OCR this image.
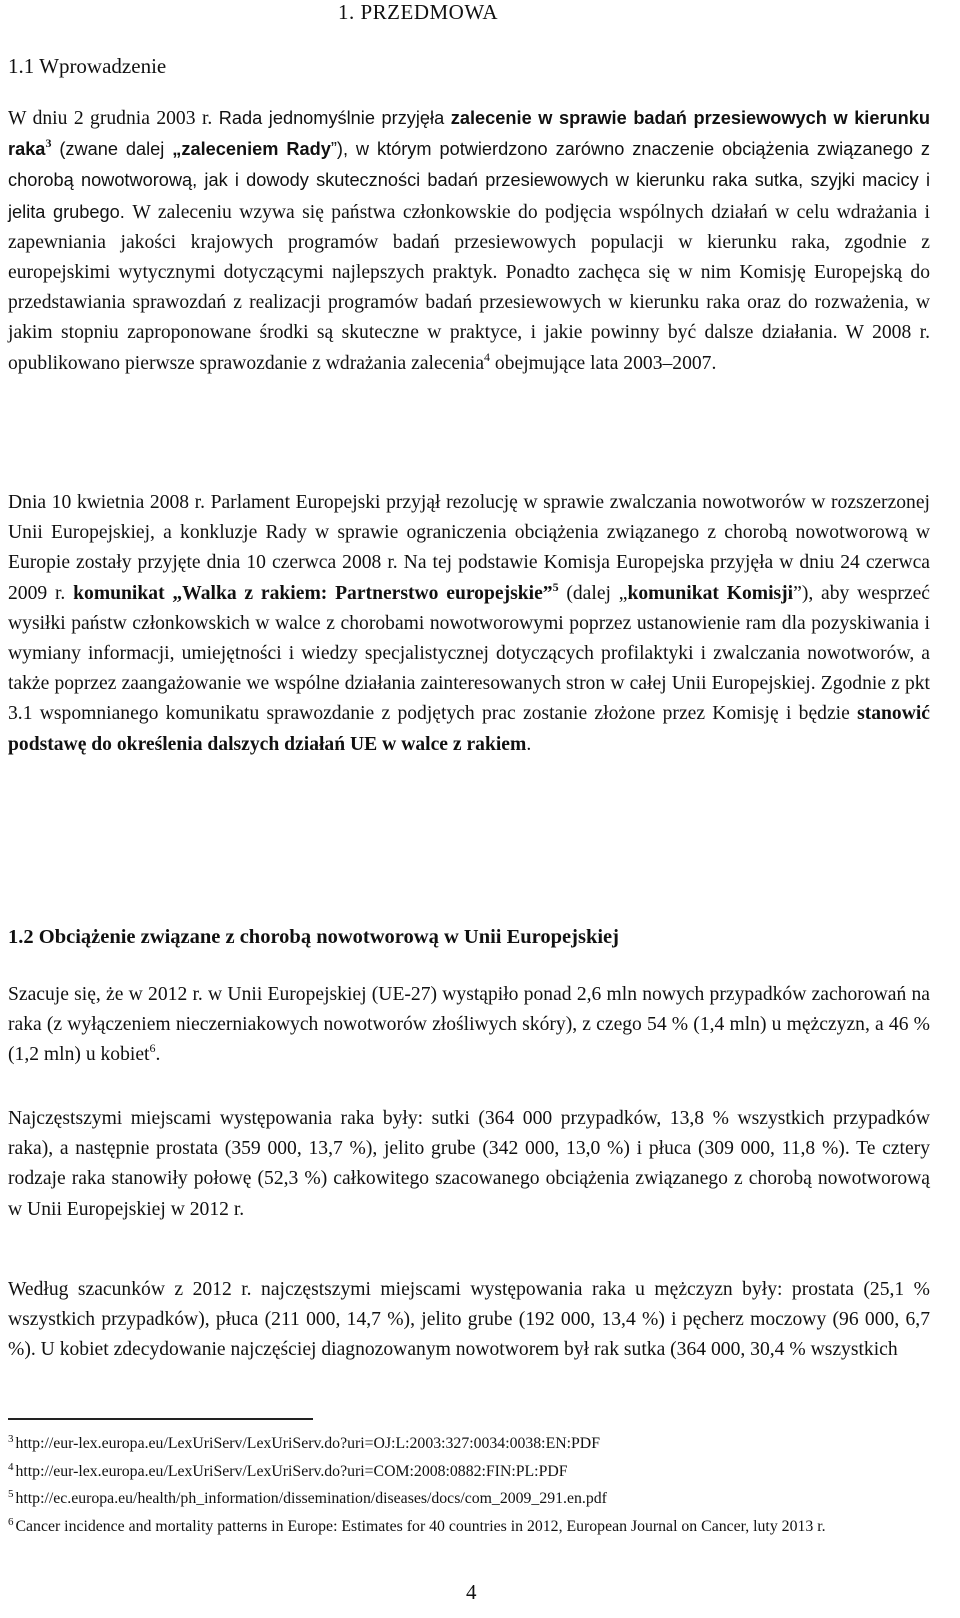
1. PRZEDMOWA
1.1 Wprowadzenie

W dniu 2 grudnia 2003 r. Rada jednomyślnie przyjęła zalecenie w sprawie badań przesiewowych w kierunku raka$^3$ (zwane dalej „zaleceniem Rady”), w którym potwierdzono zarówno znaczenie obciążenia związanego z chorobą nowotworową, jak i dowody skuteczności badań przesiewowych w kierunku raka sutka, szyjki macicy i jelita grubego. W zaleceniu wzywa się państwa członkowskie do podjęcia wspólnych działań w celu wdrażania i zapewniania jakości krajowych programów badań przesiewowych populacji w kierunku raka, zgodnie z europejskimi wytycznymi dotyczącymi najlepszych praktyk. Ponadto zachęca się w nim Komisję Europejską do przedstawiania sprawozdań z realizacji programów badań przesiewowych w kierunku raka oraz do rozważenia, w jakim stopniu zaproponowane środki są skuteczne w praktyce, i jakie powinny być dalsze działania. W 2008 r. opublikowano pierwsze sprawozdanie z wdrażania zalecenia$^4$ obejmujące lata 2003–2007.

Dnia 10 kwietnia 2008 r. Parlament Europejski przyjął rezolucję w sprawie zwalczania nowotworów w rozszerzonej Unii Europejskiej, a konkluzje Rady w sprawie ograniczenia obciążenia związanego z chorobą nowotworową w Europie zostały przyjęte dnia 10 czerwca 2008 r. Na tej podstawie Komisja Europejska przyjęła w dniu 24 czerwca 2009 r. komunikat „Walka z rakiem: Partnerstwo europejskie”$^5$ (dalej „komunikat Komisji”), aby wesprzeć wysiłki państw członkowskich w walce z chorobami nowotworowymi poprzez ustanowienie ram dla pozyskiwania i wymiany informacji, umiejętności i wiedzy specjalistycznej dotyczących profilaktyki i zwalczania nowotworów, a także poprzez zaangażowanie we wspólne działania zainteresowanych stron w całej Unii Europejskiej. Zgodnie z pkt 3.1 wspomnianego komunikatu sprawozdanie z podjętych prac zostanie złożone przez Komisję i będzie stanowić podstawę do określenia dalszych działań UE w walce z rakiem.

1.2 Obciążenie związane z chorobą nowotworową w Unii Europejskiej

Szacuje się, że w 2012 r. w Unii Europejskiej (UE-27) wystąpiło ponad 2,6 mln nowych przypadków zachorowań na raka (z wyłączeniem nieczerniakowych nowotworów złośliwych skóry), z czego 54 % (1,4 mln) u mężczyzn, a 46 % (1,2 mln) u kobiet$^6$.

Najczęstszymi miejscami występowania raka były: sutki (364 000 przypadków, 13,8 % wszystkich przypadków raka), a następnie prostata (359 000, 13,7 %), jelito grube (342 000, 13,0 %) i płuca (309 000, 11,8 %). Te cztery rodzaje raka stanowiły połowę (52,3 %) całkowitego szacowanego obciążenia związanego z chorobą nowotworową w Unii Europejskiej w 2012 r.

Według szacunków z 2012 r. najczęstszymi miejscami występowania raka u mężczyzn były: prostata (25,1 % wszystkich przypadków), płuca (211 000, 14,7 %), jelito grube (192 000, 13,4 %) i pęcherz moczowy (96 000, 6,7 %). U kobiet zdecydowanie najczęściej diagnozowanym nowotworem był rak sutka (364 000, 30,4 % wszystkich

$^3$ http://eur-lex.europa.eu/LexUriServ/LexUriServ.do?uri=OJ:L:2003:327:0034:0038:EN:PDF

$^4$ http://eur-lex.europa.eu/LexUriServ/LexUriServ.do?uri=COM:2008:0882:FIN:PL:PDF

$^5$ http://ec.europa.eu/health/ph_information/dissemination/diseases/docs/com_2009_291.en.pdf

$^6$ Cancer incidence and mortality patterns in Europe: Estimates for 40 countries in 2012, European Journal on Cancer, luty 2013 r.

4
